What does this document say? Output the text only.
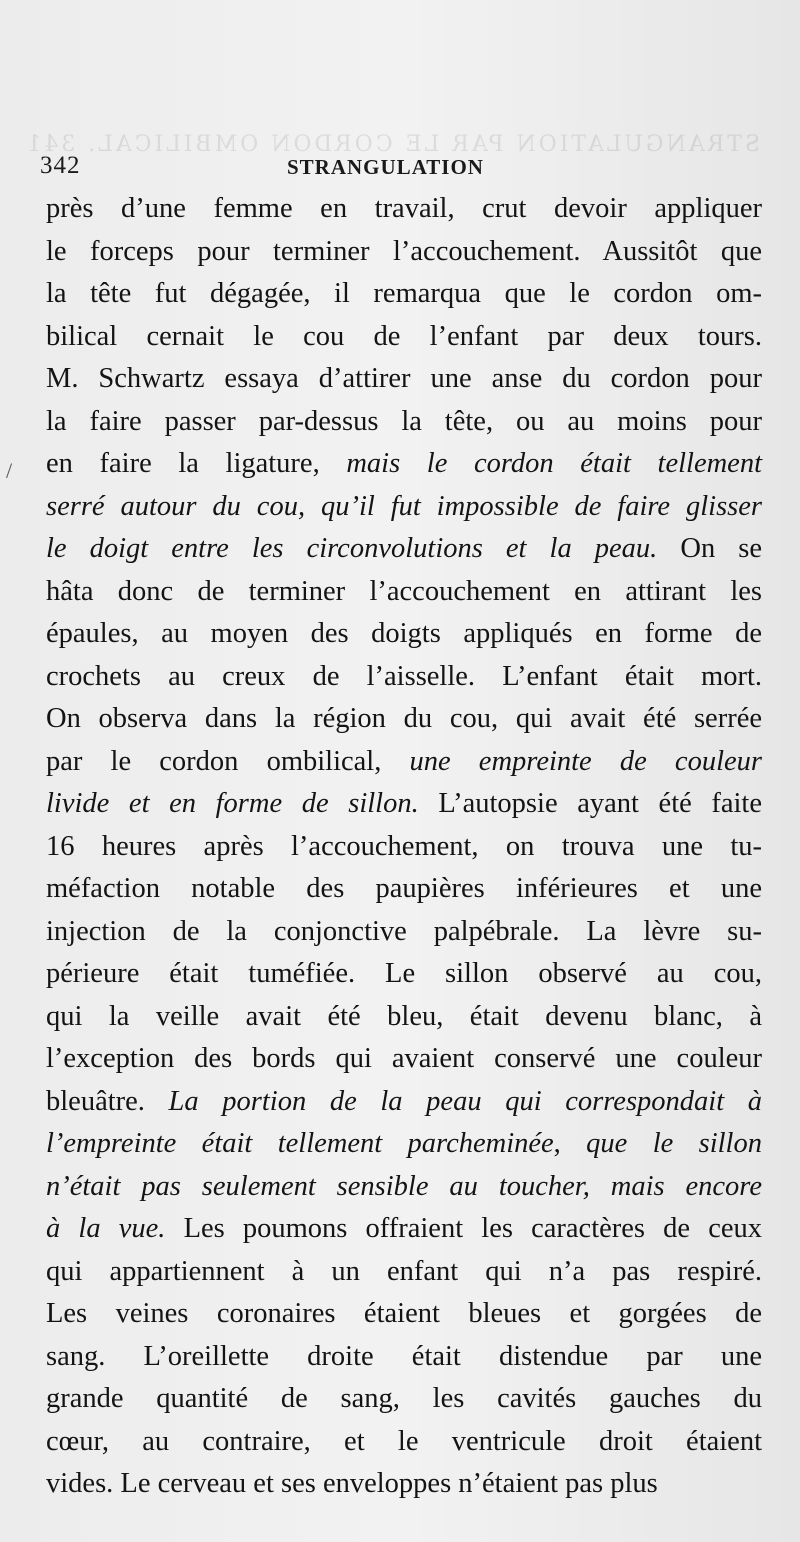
STRANGULATION PAR LE CORDON OMBILICAL. 341
342	STRANGULATION
/
près d’une femme en travail, crut devoir appliquer
le forceps pour terminer l’accouchement. Aussitôt que
la tête fut dégagée, il remarqua que le cordon om-
bilical cernait le cou de l’enfant par deux tours.
M. Schwartz essaya d’attirer une anse du cordon pour
la faire passer par-dessus la tête, ou au moins pour
en faire la ligature, mais le cordon était tellement
serré autour du cou, qu’il fut impossible de faire glisser
le doigt entre les circonvolutions et la peau. On se
hâta donc de terminer l’accouchement en attirant les
épaules, au moyen des doigts appliqués en forme de
crochets au creux de l’aisselle. L’enfant était mort.
On observa dans la région du cou, qui avait été serrée
par le cordon ombilical, une empreinte de couleur
livide et en forme de sillon. L’autopsie ayant été faite
16 heures après l’accouchement, on trouva une tu-
méfaction notable des paupières inférieures et une
injection de la conjonctive palpébrale. La lèvre su-
périeure était tuméfiée. Le sillon observé au cou,
qui la veille avait été bleu, était devenu blanc, à
l’exception des bords qui avaient conservé une couleur
bleuâtre. La portion de la peau qui correspondait à
l’empreinte était tellement parcheminée, que le sillon
n’était pas seulement sensible au toucher, mais encore
à la vue. Les poumons offraient les caractères de ceux
qui appartiennent à un enfant qui n’a pas respiré.
Les veines coronaires étaient bleues et gorgées de
sang. L’oreillette droite était distendue par une
grande quantité de sang, les cavités gauches du
cœur, au contraire, et le ventricule droit étaient
vides. Le cerveau et ses enveloppes n’étaient pas plus
